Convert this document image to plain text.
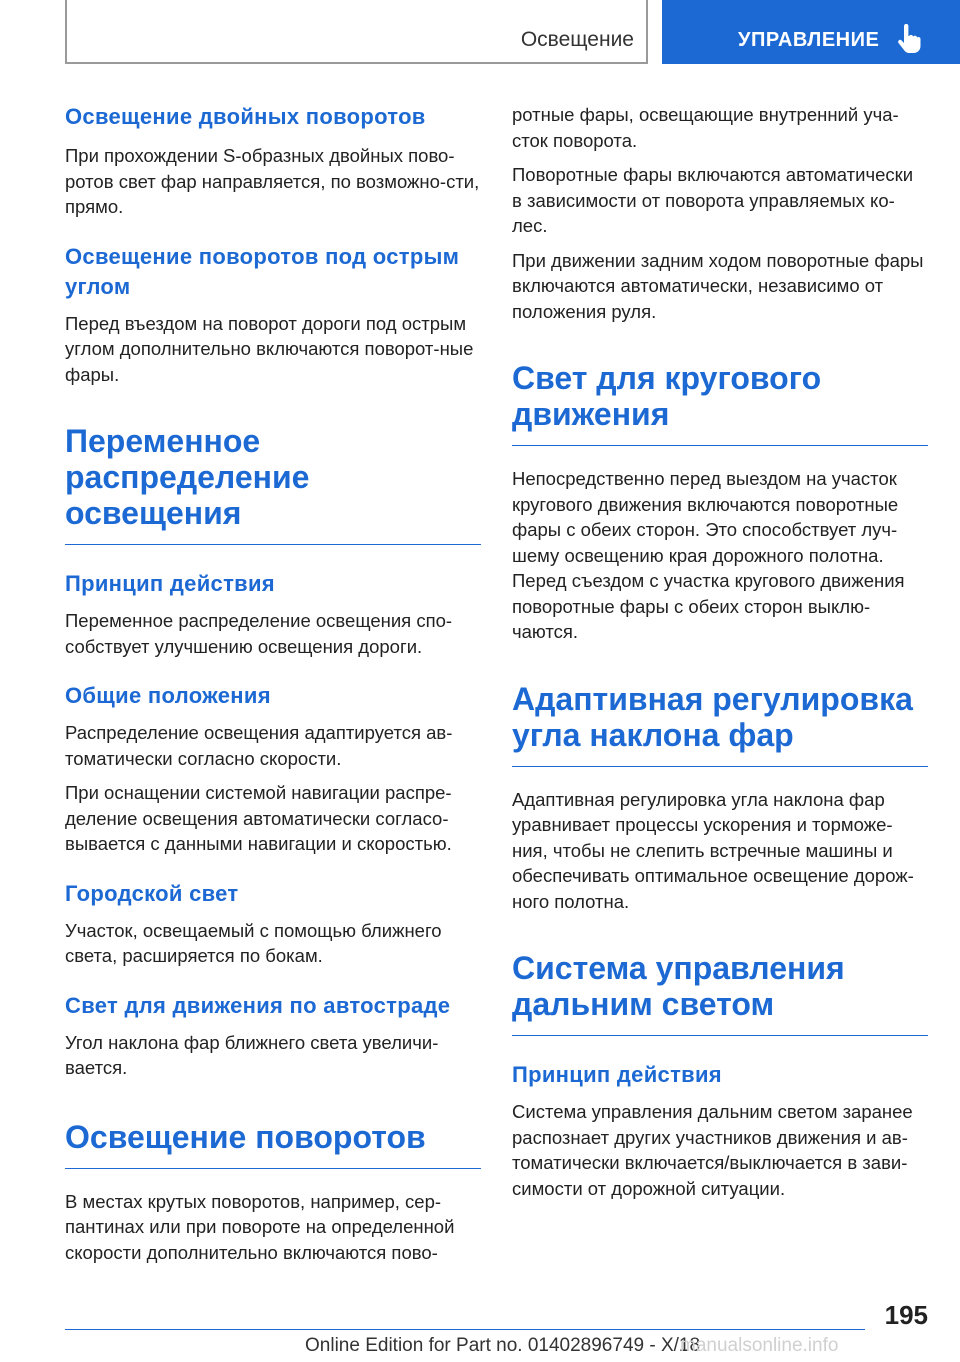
Освещение	УПРАВЛЕНИЕ

Освещение двойных поворотов

При прохождении S-образных двойных пово-ротов свет фар направляется, по возможно-сти, прямо.

Освещение поворотов под острым углом

Перед въездом на поворот дороги под острым углом дополнительно включаются поворот-ные фары.

Переменное распределение освещения

Принцип действия

Переменное распределение освещения спо-собствует улучшению освещения дороги.

Общие положения

Распределение освещения адаптируется ав-томатически согласно скорости.

При оснащении системой навигации распре-деление освещения автоматически согласо-вывается с данными навигации и скоростью.

Городской свет

Участок, освещаемый с помощью ближнего света, расширяется по бокам.

Свет для движения по автостраде

Угол наклона фар ближнего света увеличи-вается.

Освещение поворотов

В местах крутых поворотов, например, сер-пантинах или при повороте на определенной скорости дополнительно включаются пово-

ротные фары, освещающие внутренний уча-сток поворота.

Поворотные фары включаются автоматически в зависимости от поворота управляемых ко-лес.

При движении задним ходом поворотные фары включаются автоматически, независимо от положения руля.

Свет для кругового движения

Непосредственно перед выездом на участок кругового движения включаются поворотные фары с обеих сторон. Это способствует луч-шему освещению края дорожного полотна. Перед съездом с участка кругового движения поворотные фары с обеих сторон выклю-чаются.

Адаптивная регулировка угла наклона фар

Адаптивная регулировка угла наклона фар уравнивает процессы ускорения и торможе-ния, чтобы не слепить встречные машины и обеспечивать оптимальное освещение дорож-ного полотна.

Система управления дальним светом

Принцип действия

Система управления дальним светом заранее распознает других участников движения и ав-томатически включается/выключается в зави-симости от дорожной ситуации.

195
Online Edition for Part no. 01402896749 - X/18
manualsonline.info
